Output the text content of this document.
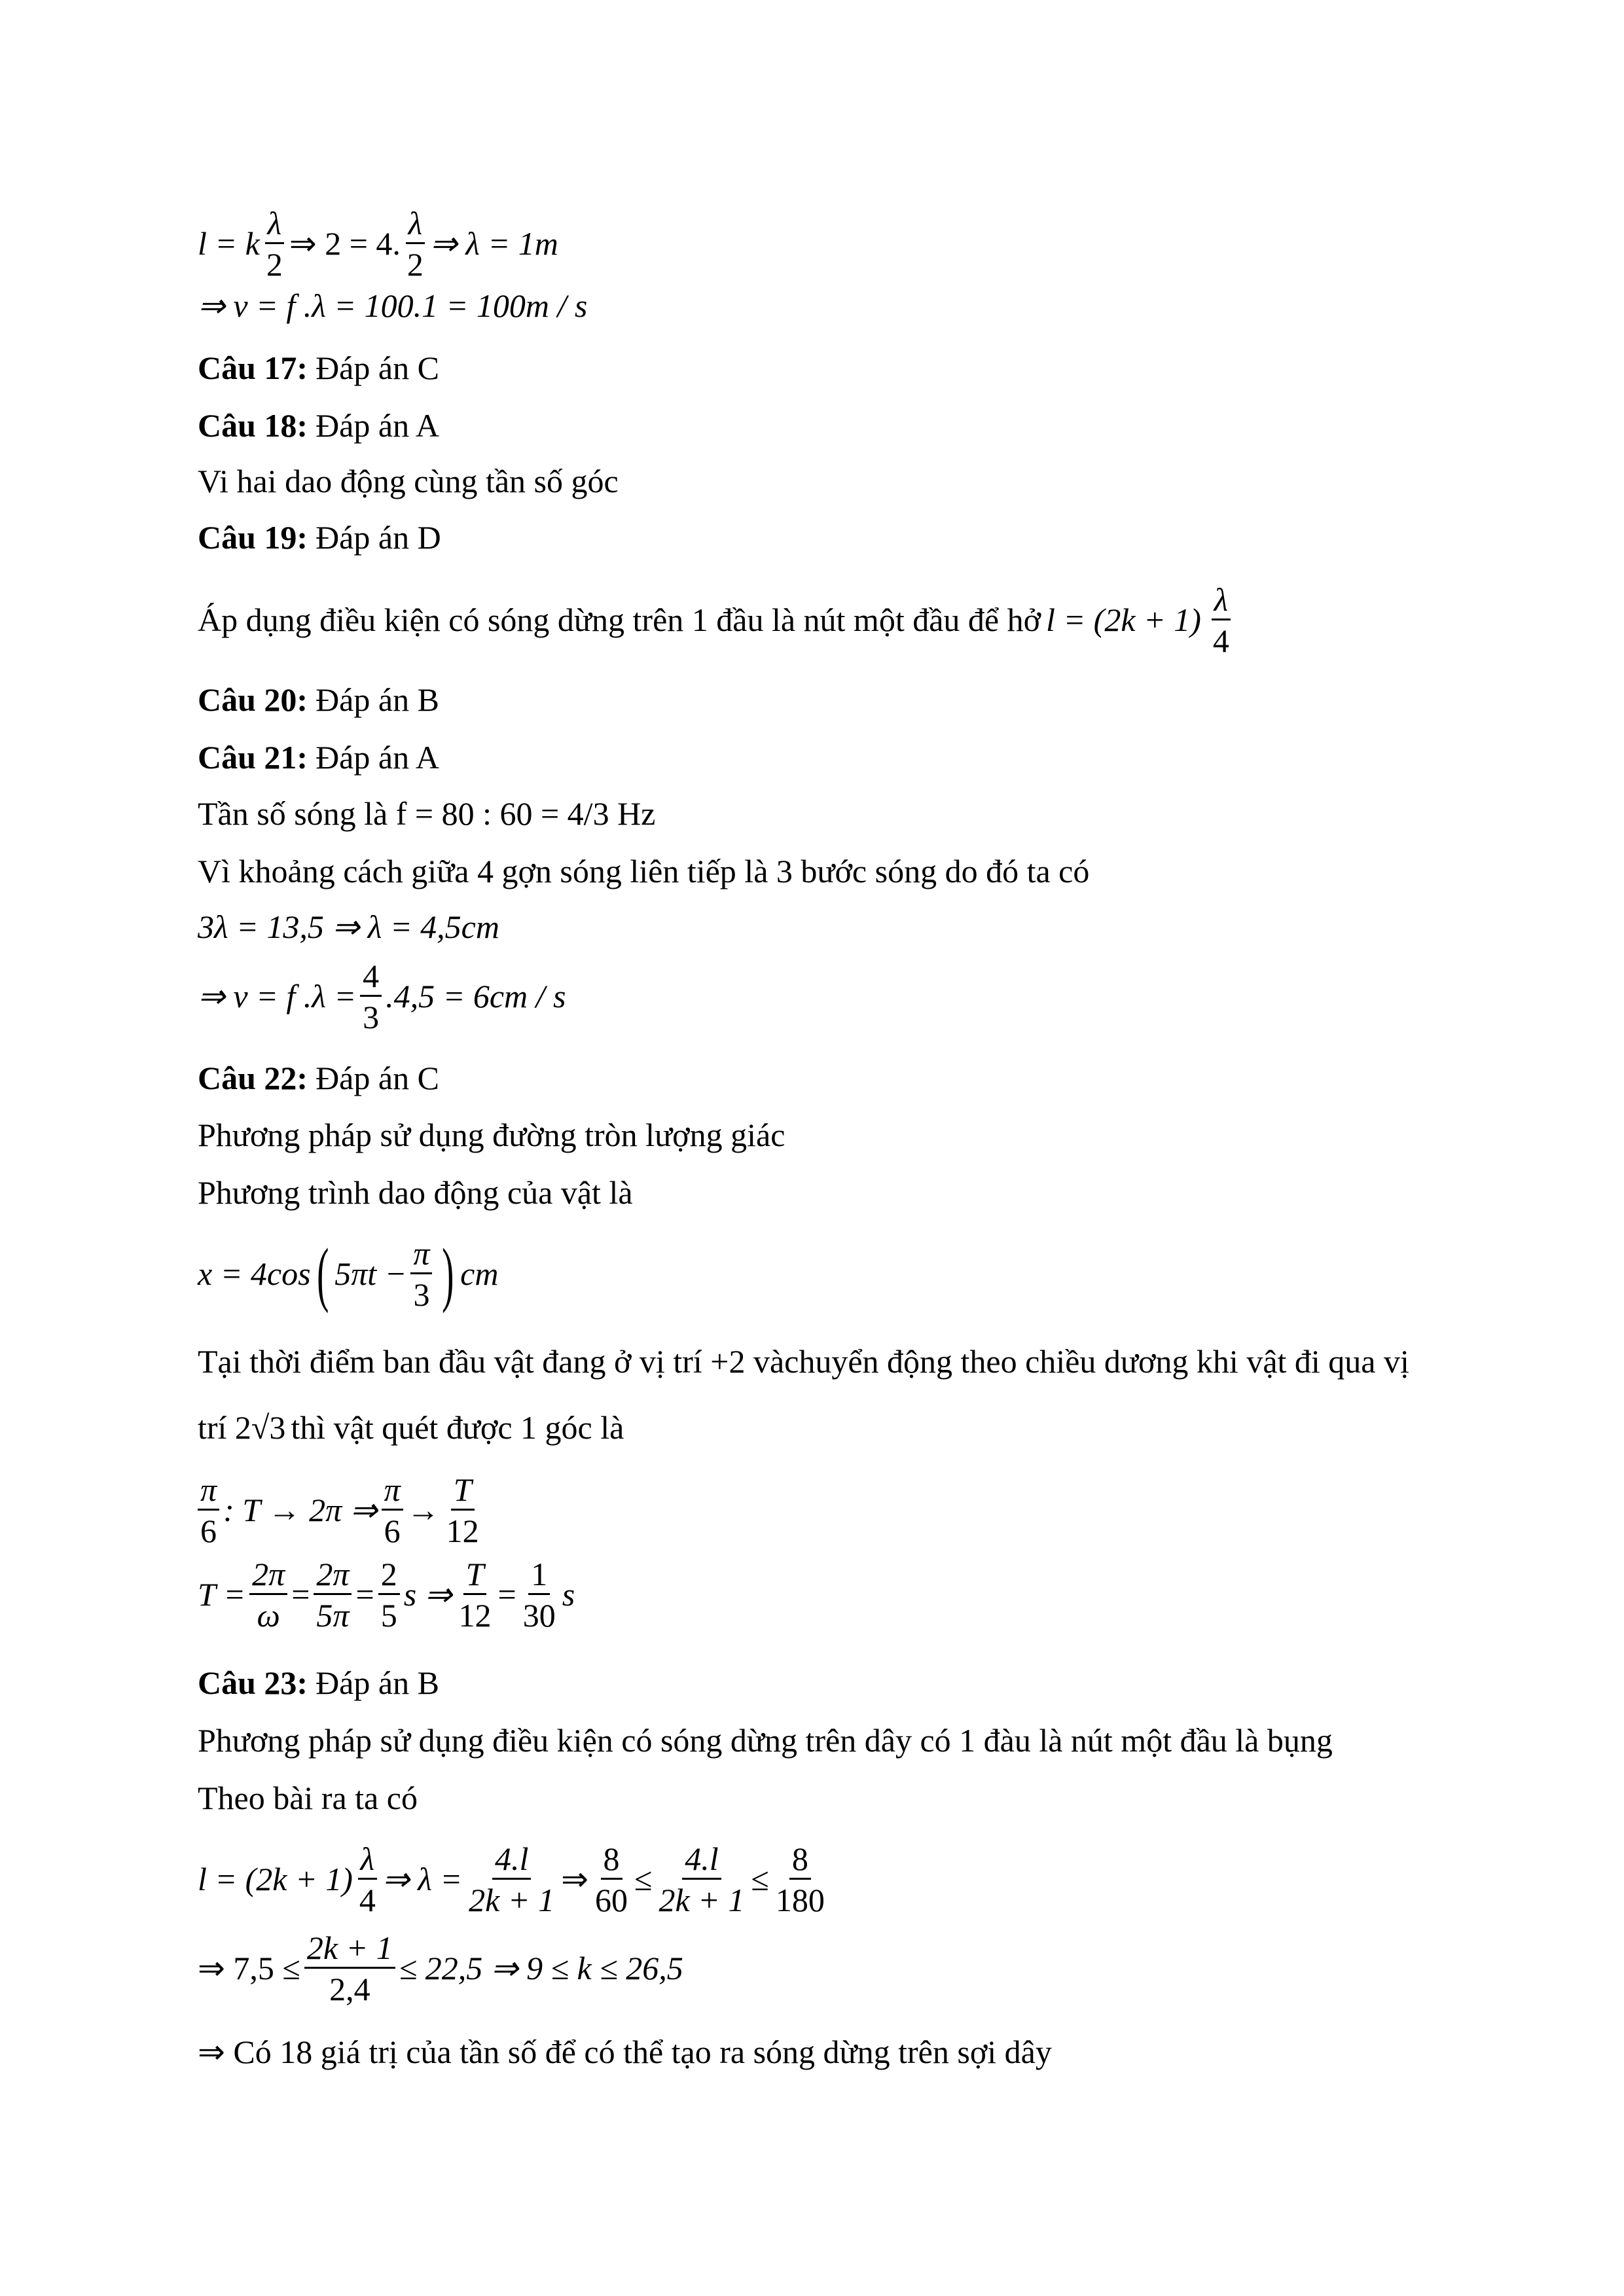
l = k $\frac{\lambda}{2}$ ⇒ 2 = 4. $\frac{\lambda}{2}$ ⇒ λ = 1m
⇒ v = f .λ = 100.1 = 100m / s
Câu 17: Đáp án C
Câu 18: Đáp án A
Vi hai dao động cùng tần số góc
Câu 19: Đáp án D
Áp dụng điều kiện có sóng dừng trên 1 đầu là nút một đầu để hở $l = (2k + 1) \frac{\lambda}{4}$
Câu 20: Đáp án B
Câu 21: Đáp án A
Tần số sóng là f = 80 : 60 = 4/3 Hz
Vì khoảng cách giữa 4 gợn sóng liên tiếp là 3 bước sóng do đó ta có
3λ = 13,5 ⇒ λ = 4,5cm
⇒ v = f $.\lambda = \frac{4}{3} .4,5 = 6cm / s$
Câu 22: Đáp án C
Phương pháp sử dụng đường tròn lượng giác
Phương trình dao động của vật là
x = 4cos ( $5\pi t - \frac{\pi}{3}$ ) cm
Tại thời điểm ban đầu vật đang ở vị trí +2 vàchuyển động theo chiều dương khi vật đi qua vị
trí 2√3 thì vật quét được 1 góc là
$\frac{\pi}{6}$ : T → 2π ⇒ $\frac{\pi}{6} \to \frac{T}{12}$
$T = \frac{2\pi}{\omega} = \frac{2\pi}{5\pi} = \frac{2}{5}$ s ⇒ $\frac{T}{12} = \frac{1}{30}$ s
Câu 23: Đáp án B
Phương pháp sử dụng điều kiện có sóng dừng trên dây có 1 đàu là nút một đầu là bụng
Theo bài ra ta có
$l = (2k + 1) \frac{\lambda}{4}$ ⇒ $\lambda = \frac{4.l}{2k + 1}$ ⇒ $\frac{8}{60} \le \frac{4.l}{2k + 1} \le \frac{8}{180}$
⇒ $7,5 \le \frac{2k + 1}{2,4} \le 22,5$ ⇒ 9 ≤ k ≤ 26,5
⇒ Có 18 giá trị của tần số để có thể tạo ra sóng dừng trên sợi dây
